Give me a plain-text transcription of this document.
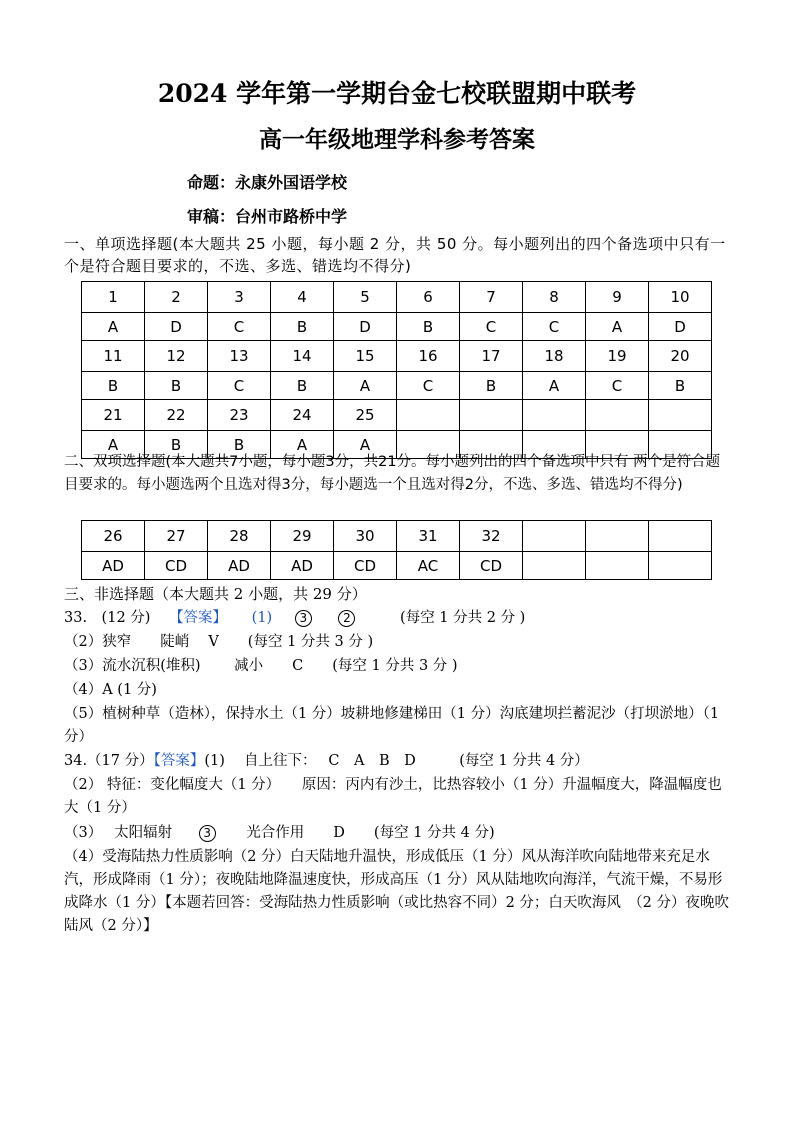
2024 学年第一学期台金七校联盟期中联考
高一年级地理学科参考答案
命题：永康外国语学校
审稿：台州市路桥中学
一、单项选择题(本大题共 25 小题，每小题 2 分，共 50 分。每小题列出的四个备选项中只有一个是符合题目要求的，不选、多选、错选均不得分)
1	2	3	4	5	6	7	8	9	10
A	D	C	B	D	B	C	C	A	D
11	12	13	14	15	16	17	18	19	20
B	B	C	B	A	C	B	A	C	B
21	22	23	24	25					
A	B	B	A	A					
二、双项选择题(本大题共7小题，每小题3分，共21分。每小题列出的四个备选项中只有 两个是符合题目要求的。每小题选两个且选对得3分，每小题选一个且选对得2分，不选、多选、错选均不得分)
26	27	28	29	30	31	32			
AD	CD	AD	AD	CD	AC	CD			
三、非选择题（本大题共 2 小题，共 29 分）
33.　(12 分) 【答案】 (1) 3	2	(每空 1 分共 2 分 )
（2）狭窄　　陡峭　 V　　(每空 1 分共 3 分 )
（3）流水沉积(堆积)　　 减小　　C　　(每空 1 分共 3 分 )
（4）A (1 分)
（5）植树种草（造林），保持水土（1 分）坡耕地修建梯田（1 分）沟底建坝拦蓄泥沙（打坝淤地）（1 分）
34.（17 分）【答案】(1)　 自上往下：　 C　A　B　D　　　(每空 1 分共 4 分）
（2） 特征：变化幅度大（1 分）　　原因：丙内有沙土，比热容较小（1 分）升温幅度大，降温幅度也大（1 分）
（3）　 太阳辐射	3 光合作用　　D　　(每空 1 分共 4 分)
（4）受海陆热力性质影响（2 分）白天陆地升温快，形成低压（1 分）风从海洋吹向陆地带来充足水汽，形成降雨（1 分）；夜晚陆地降温速度快，形成高压（1 分）风从陆地吹向海洋，气流干燥，不易形成降水（1 分）【本题若回答：受海陆热力性质影响（或比热容不同）2 分；白天吹海风　（2 分）夜晚吹陆风（2 分）】
